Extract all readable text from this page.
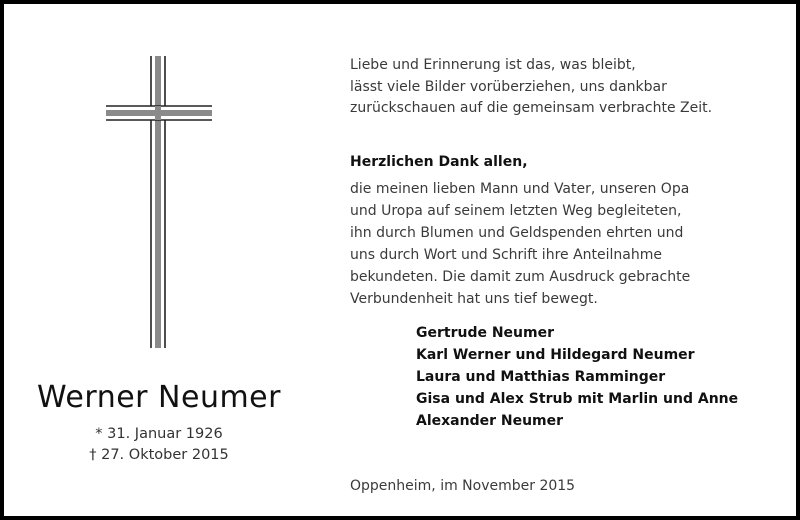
Werner Neumer
* 31. Januar 1926
† 27. Oktober 2015
Liebe und Erinnerung ist das, was bleibt,
lässt viele Bilder vorüberziehen, uns dankbar
zurückschauen auf die gemeinsam verbrachte Zeit.
Herzlichen Dank allen,
die meinen lieben Mann und Vater, unseren Opa
und Uropa auf seinem letzten Weg begleiteten,
ihn durch Blumen und Geldspenden ehrten und
uns durch Wort und Schrift ihre Anteilnahme
bekundeten. Die damit zum Ausdruck gebrachte
Verbundenheit hat uns tief bewegt.
Gertrude Neumer
Karl Werner und Hildegard Neumer
Laura und Matthias Ramminger
Gisa und Alex Strub mit Marlin und Anne
Alexander Neumer
Oppenheim, im November 2015
